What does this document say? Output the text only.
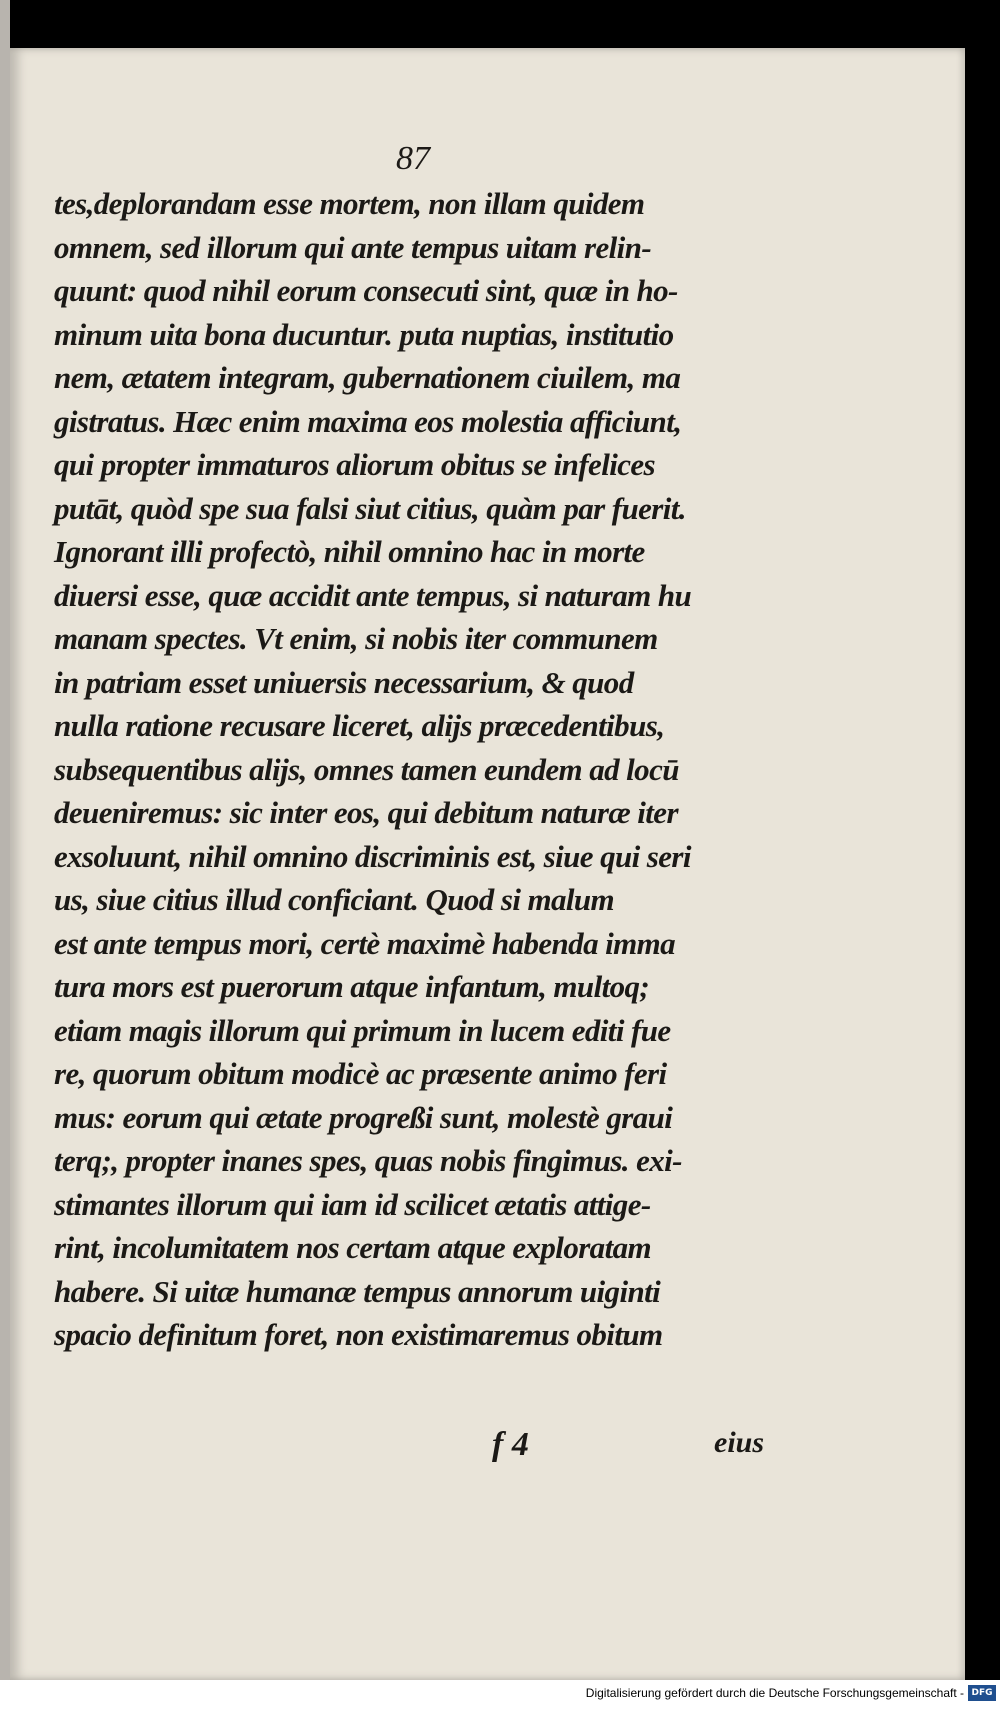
87
tes,deplorandam esse mortem, non illam quidem
omnem, sed illorum qui ante tempus uitam relin-
quunt: quod nihil eorum consecuti sint, quæ in ho-
minum uita bona ducuntur. puta nuptias, institutio
nem, ætatem integram, gubernationem ciuilem, ma
gistratus. Hæc enim maxima eos molestia afficiunt,
qui propter immaturos aliorum obitus se infelices
putāt, quòd spe sua falsi siut citius, quàm par fuerit.
Ignorant illi profectò, nihil omnino hac in morte
diuersi esse, quæ accidit ante tempus, si naturam hu
manam spectes. Vt enim, si nobis iter communem
in patriam esset uniuersis necessarium, & quod
nulla ratione recusare liceret, alijs præcedentibus,
subsequentibus alijs, omnes tamen eundem ad locū
deueniremus: sic inter eos, qui debitum naturæ iter
exsoluunt, nihil omnino discriminis est, siue qui seri
us, siue citius illud conficiant. Quod si malum
est ante tempus mori, certè maximè habenda imma
tura mors est puerorum atque infantum, multoq;
etiam magis illorum qui primum in lucem editi fue
re, quorum obitum modicè ac præsente animo feri
mus: eorum qui ætate progreßi sunt, molestè graui
terq;, propter inanes spes, quas nobis fingimus. exi-
stimantes illorum qui iam id scilicet ætatis attige-
rint, incolumitatem nos certam atque exploratam
habere. Si uitæ humanæ tempus annorum uiginti
spacio definitum foret, non existimaremus obitum
f 4	eius
Digitalisierung gefördert durch die Deutsche Forschungsgemeinschaft - DFG
